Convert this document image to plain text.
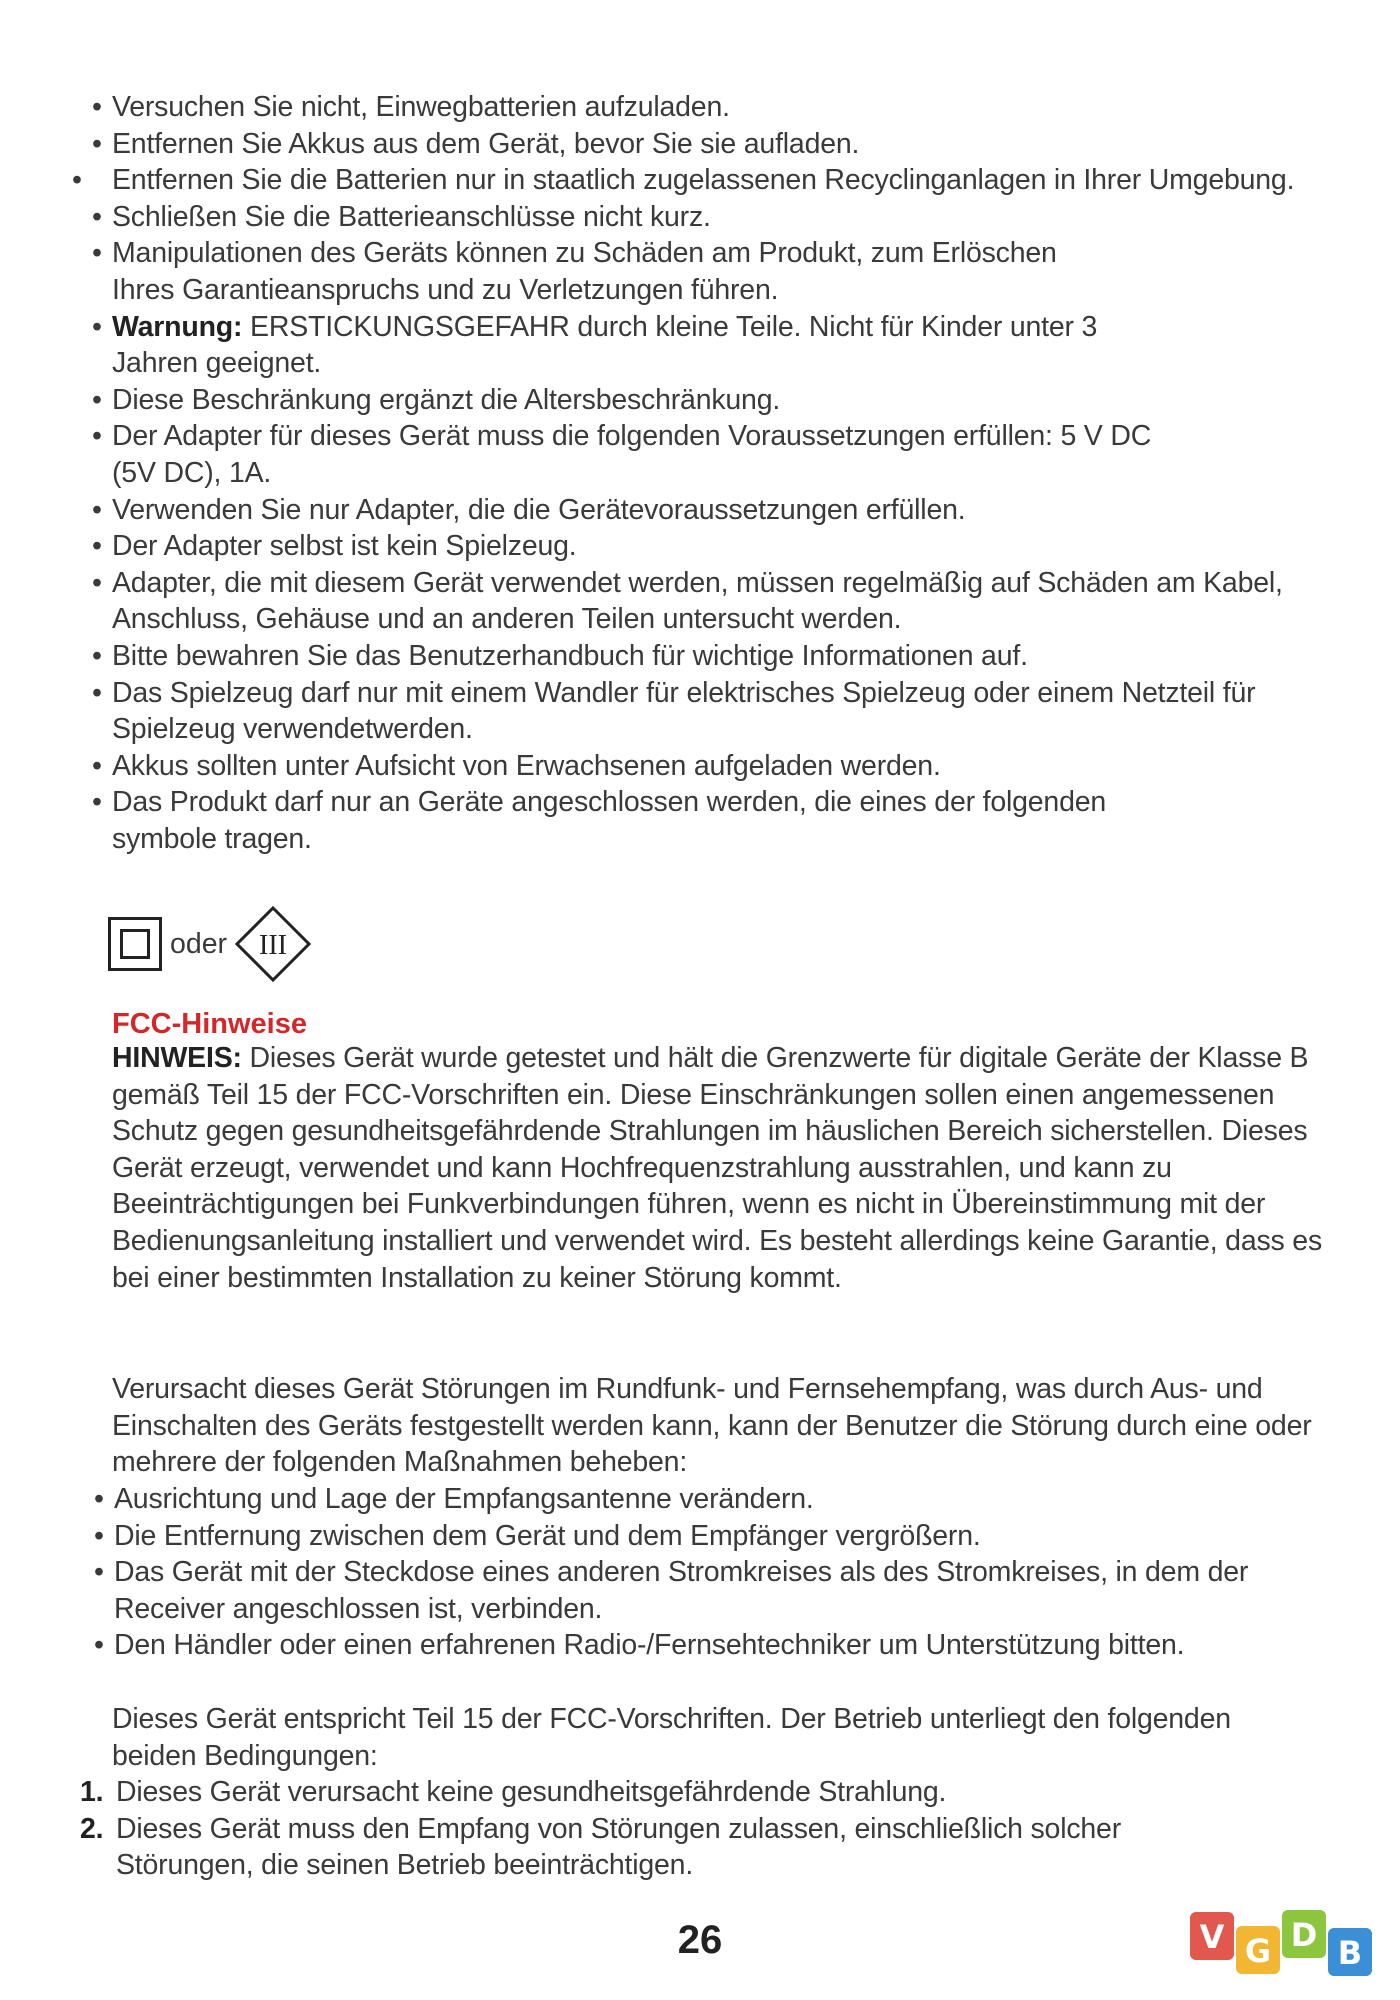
• Versuchen Sie nicht, Einwegbatterien aufzuladen.
• Entfernen Sie Akkus aus dem Gerät, bevor Sie sie aufladen.
• Entfernen Sie die Batterien nur in staatlich zugelassenen Recyclinganlagen in Ihrer Umgebung.
• Schließen Sie die Batterieanschlüsse nicht kurz.
• Manipulationen des Geräts können zu Schäden am Produkt, zum Erlöschen Ihres Garantieanspruchs und zu Verletzungen führen.
• Warnung: ERSTICKUNGSGEFAHR durch kleine Teile. Nicht für Kinder unter 3 Jahren geeignet.
• Diese Beschränkung ergänzt die Altersbeschränkung.
• Der Adapter für dieses Gerät muss die folgenden Voraussetzungen erfüllen: 5 V DC (5V DC), 1A.
• Verwenden Sie nur Adapter, die die Gerätevoraussetzungen erfüllen.
• Der Adapter selbst ist kein Spielzeug.
• Adapter, die mit diesem Gerät verwendet werden, müssen regelmäßig auf Schäden am Kabel, Anschluss, Gehäuse und an anderen Teilen untersucht werden.
• Bitte bewahren Sie das Benutzerhandbuch für wichtige Informationen auf.
• Das Spielzeug darf nur mit einem Wandler für elektrisches Spielzeug oder einem Netzteil für Spielzeug verwendetwerden.
• Akkus sollten unter Aufsicht von Erwachsenen aufgeladen werden.
• Das Produkt darf nur an Geräte angeschlossen werden, die eines der folgenden symbole tragen.
oder III
FCC-Hinweise
HINWEIS: Dieses Gerät wurde getestet und hält die Grenzwerte für digitale Geräte der Klasse B gemäß Teil 15 der FCC-Vorschriften ein. Diese Einschränkungen sollen einen angemessenen Schutz gegen gesundheitsgefährdende Strahlungen im häuslichen Bereich sicherstellen. Dieses Gerät erzeugt, verwendet und kann Hochfrequenzstrahlung ausstrahlen, und kann zu Beeinträchtigungen bei Funkverbindungen führen, wenn es nicht in Übereinstimmung mit der Bedienungsanleitung installiert und verwendet wird. Es besteht allerdings keine Garantie, dass es bei einer bestimmten Installation zu keiner Störung kommt.
Verursacht dieses Gerät Störungen im Rundfunk- und Fernsehempfang, was durch Aus- und Einschalten des Geräts festgestellt werden kann, kann der Benutzer die Störung durch eine oder mehrere der folgenden Maßnahmen beheben:
• Ausrichtung und Lage der Empfangsantenne verändern.
• Die Entfernung zwischen dem Gerät und dem Empfänger vergrößern.
• Das Gerät mit der Steckdose eines anderen Stromkreises als des Stromkreises, in dem der Receiver angeschlossen ist, verbinden.
• Den Händler oder einen erfahrenen Radio-/Fernsehtechniker um Unterstützung bitten.
Dieses Gerät entspricht Teil 15 der FCC-Vorschriften. Der Betrieb unterliegt den folgenden beiden Bedingungen:
1. Dieses Gerät verursacht keine gesundheitsgefährdende Strahlung.
2. Dieses Gerät muss den Empfang von Störungen zulassen, einschließlich solcher Störungen, die seinen Betrieb beeinträchtigen.
26	V G D B
